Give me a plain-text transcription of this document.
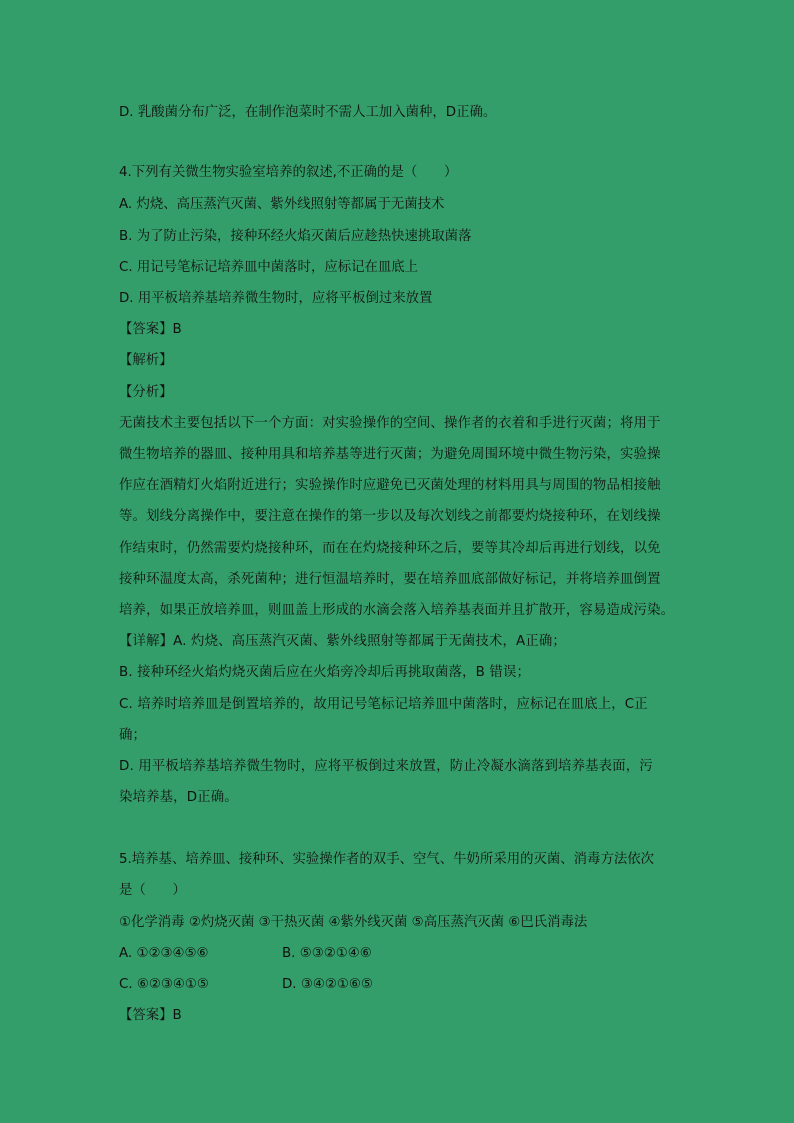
D. 乳酸菌分布广泛，在制作泡菜时不需人工加入菌种，D正确。
4.下列有关微生物实验室培养的叙述,不正确的是（　　）
A. 灼烧、高压蒸汽灭菌、紫外线照射等都属于无菌技术
B. 为了防止污染，接种环经火焰灭菌后应趁热快速挑取菌落
C. 用记号笔标记培养皿中菌落时，应标记在皿底上
D. 用平板培养基培养微生物时，应将平板倒过来放置
【答案】B
【解析】
【分析】
无菌技术主要包括以下一个方面：对实验操作的空间、操作者的衣着和手进行灭菌；将用于
微生物培养的器皿、接种用具和培养基等进行灭菌；为避免周围环境中微生物污染，实验操
作应在酒精灯火焰附近进行；实验操作时应避免已灭菌处理的材料用具与周围的物品相接触
等。划线分离操作中，要注意在操作的第一步以及每次划线之前都要灼烧接种环，在划线操
作结束时，仍然需要灼烧接种环，而在在灼烧接种环之后，要等其冷却后再进行划线，以免
接种环温度太高，杀死菌种；进行恒温培养时，要在培养皿底部做好标记，并将培养皿倒置
培养，如果正放培养皿，则皿盖上形成的水滴会落入培养基表面并且扩散开，容易造成污染。
【详解】A. 灼烧、高压蒸汽灭菌、紫外线照射等都属于无菌技术，A正确；
B. 接种环经火焰灼烧灭菌后应在火焰旁冷却后再挑取菌落，B 错误；
C. 培养时培养皿是倒置培养的，故用记号笔标记培养皿中菌落时，应标记在皿底上，C正
确；
D. 用平板培养基培养微生物时，应将平板倒过来放置，防止冷凝水滴落到培养基表面，污
染培养基，D正确。
5.培养基、培养皿、接种环、实验操作者的双手、空气、牛奶所采用的灭菌、消毒方法依次
是（　　）
①化学消毒 ②灼烧灭菌 ③干热灭菌 ④紫外线灭菌 ⑤高压蒸汽灭菌 ⑥巴氏消毒法
A. ①②③④⑤⑥	B. ⑤③②①④⑥
C. ⑥②③④①⑤	D. ③④②①⑥⑤
【答案】B
